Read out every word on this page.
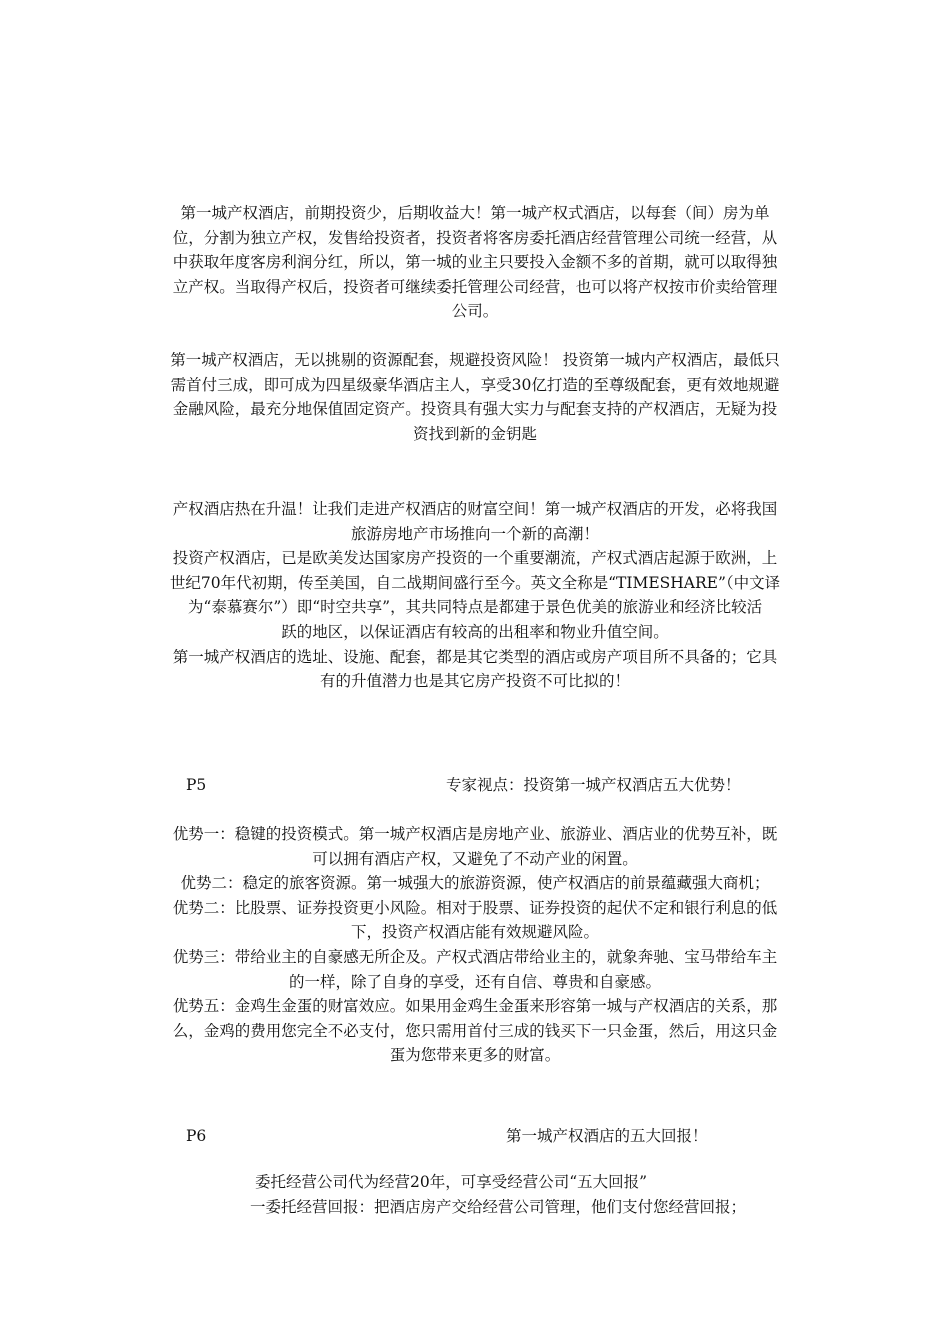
第一城产权酒店，前期投资少，后期收益大！第一城产权式酒店，以每套（间）房为单
位，分割为独立产权，发售给投资者，投资者将客房委托酒店经营管理公司统一经营，从
中获取年度客房利润分红，所以，第一城的业主只要投入金额不多的首期，就可以取得独
立产权。当取得产权后，投资者可继续委托管理公司经营，也可以将产权按市价卖给管理
公司。

第一城产权酒店，无以挑剔的资源配套，规避投资风险！ 投资第一城内产权酒店，最低只
需首付三成，即可成为四星级豪华酒店主人，享受30亿打造的至尊级配套，更有效地规避
金融风险，最充分地保值固定资产。投资具有强大实力与配套支持的产权酒店，无疑为投
资找到新的金钥匙

产权酒店热在升温！让我们走进产权酒店的财富空间！第一城产权酒店的开发，必将我国
旅游房地产市场推向一个新的高潮！
投资产权酒店，已是欧美发达国家房产投资的一个重要潮流，产权式酒店起源于欧洲，上
世纪70年代初期，传至美国，自二战期间盛行至今。英文全称是“TIMESHARE”（中文译
为“泰慕赛尔”）即“时空共享”，其共同特点是都建于景色优美的旅游业和经济比较活
跃的地区，以保证酒店有较高的出租率和物业升值空间。
第一城产权酒店的选址、设施、配套，都是其它类型的酒店或房产项目所不具备的；它具
有的升值潜力也是其它房产投资不可比拟的！

P5	专家视点：投资第一城产权酒店五大优势！

优势一：稳键的投资模式。第一城产权酒店是房地产业、旅游业、酒店业的优势互补，既
可以拥有酒店产权，又避免了不动产业的闲置。
优势二：稳定的旅客资源。第一城强大的旅游资源，使产权酒店的前景蕴藏强大商机；
优势二：比股票、证券投资更小风险。相对于股票、证券投资的起伏不定和银行利息的低
下，投资产权酒店能有效规避风险。
优势三：带给业主的自豪感无所企及。产权式酒店带给业主的，就象奔驰、宝马带给车主
的一样，除了自身的享受，还有自信、尊贵和自豪感。
优势五：金鸡生金蛋的财富效应。如果用金鸡生金蛋来形容第一城与产权酒店的关系，那
么，金鸡的费用您完全不必支付，您只需用首付三成的钱买下一只金蛋，然后，用这只金
蛋为您带来更多的财富。

P6	第一城产权酒店的五大回报！

委托经营公司代为经营20年，可享受经营公司“五大回报”

一委托经营回报：把酒店房产交给经营公司管理，他们支付您经营回报；
